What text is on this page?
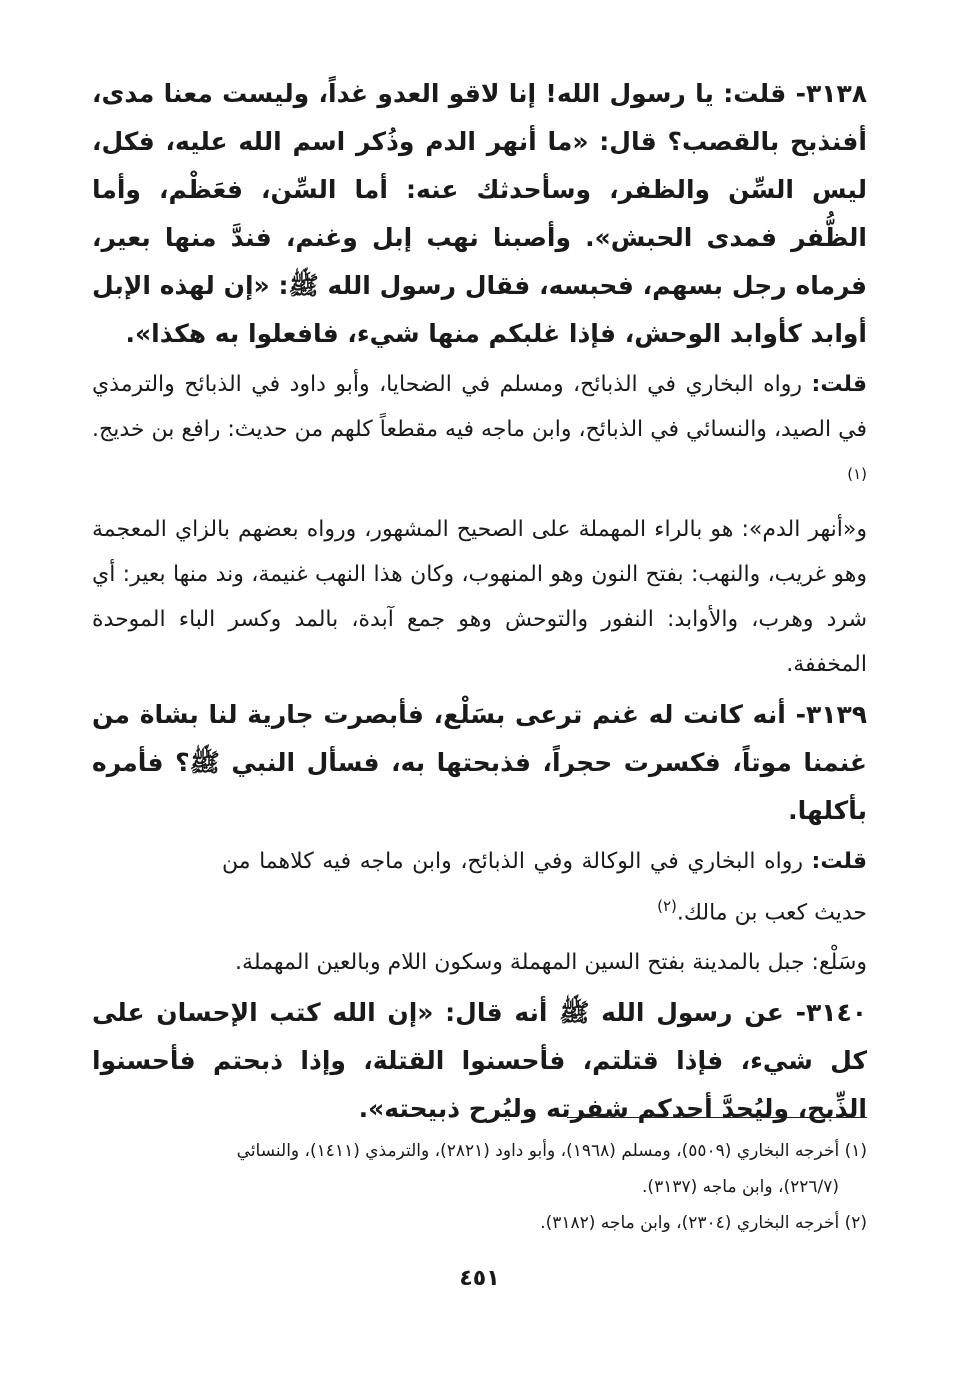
٣١٣٨- قلت: يا رسول الله! إنا لاقو العدو غداً، وليست معنا مدى، أفنذبح بالقصب؟ قال: «ما أنهر الدم وذُكر اسم الله عليه، فكل، ليس السِّن والظفر، وسأحدثك عنه: أما السِّن، فعَظْم، وأما الظُّفر فمدى الحبش». وأصبنا نهب إبل وغنم، فندَّ منها بعير، فرماه رجل بسهم، فحبسه، فقال رسول الله ﷺ: «إن لهذه الإبل أوابد كأوابد الوحش، فإذا غلبكم منها شيء، فافعلوا به هكذا».

قلت: رواه البخاري في الذبائح، ومسلم في الضحايا، وأبو داود في الذبائح والترمذي في الصيد، والنسائي في الذبائح، وابن ماجه فيه مقطعاً كلهم من حديث: رافع بن خديج.$^{(١)}$

و«أنهر الدم»: هو بالراء المهملة على الصحيح المشهور، ورواه بعضهم بالزاي المعجمة وهو غريب، والنهب: بفتح النون وهو المنهوب، وكان هذا النهب غنيمة، وند منها بعير: أي شرد وهرب، والأوابد: النفور والتوحش وهو جمع آبدة، بالمد وكسر الباء الموحدة المخففة.

٣١٣٩- أنه كانت له غنم ترعى بسَلْع، فأبصرت جارية لنا بشاة من غنمنا موتاً، فكسرت حجراً، فذبحتها به، فسأل النبي ﷺ؟ فأمره بأكلها.

قلت: رواه البخاري في الوكالة وفي الذبائح، وابن ماجه فيه كلاهما من حديث كعب بن مالك.$^{(٢)}$

وسَلْع: جبل بالمدينة بفتح السين المهملة وسكون اللام وبالعين المهملة.

٣١٤٠- عن رسول الله ﷺ أنه قال: «إن الله كتب الإحسان على كل شيء، فإذا قتلتم، فأحسنوا القتلة، وإذا ذبحتم فأحسنوا الذِّبح، وليُحدَّ أحدكم شفرته وليُرح ذبيحته».

(١) أخرجه البخاري (٥٥٠٩)، ومسلم (١٩٦٨)، وأبو داود (٢٨٢١)، والترمذي (١٤١١)، والنسائي

(٢٢٦/٧)، وابن ماجه (٣١٣٧).

(٢) أخرجه البخاري (٢٣٠٤)، وابن ماجه (٣١٨٢).

٤٥١
